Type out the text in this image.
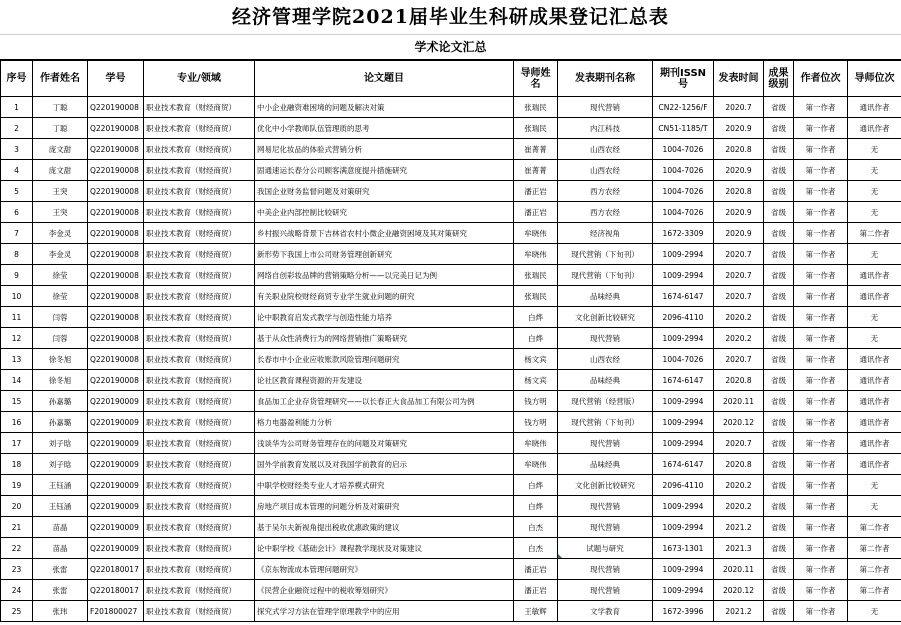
经济管理学院2021届毕业生科研成果登记汇总表
学术论文汇总
序号	作者姓名	学号	专业/领域	论文题目	导师姓名	发表期刊名称	期刊ISSN号	发表时间	成果级别	作者位次	导师位次
1	丁聪	Q220190008	职业技术教育（财经商贸）	中小企业融资难困境的问题及解决对策	张瑞民	现代营销	CN22-1256/F	2020.7	省级	第一作者	通讯作者
2	丁聪	Q220190008	职业技术教育（财经商贸）	优化中小学教师队伍管理质的思考	张瑞民	内江科技	CN51-1185/T	2020.9	省级	第一作者	通讯作者
3	庞文甜	Q220190008	职业技术教育（财经商贸）	网易尼化妆品的体验式营销分析	崔菁菁	山西农经	1004-7026	2020.8	省级	第一作者	无
4	庞文甜	Q220190008	职业技术教育（财经商贸）	固通速运长春分公司顾客满意度提升措施研究	崔菁菁	山西农经	1004-7026	2020.9	省级	第一作者	无
5	王突	Q220190008	职业技术教育（财经商贸）	我国企业财务监督问题及对策研究	潘正岩	西方农经	1004-7026	2020.8	省级	第一作者	无
6	王突	Q220190008	职业技术教育（财经商贸）	中美企业内部控制比较研究	潘正岩	西方农经	1004-7026	2020.9	省级	第一作者	无
7	李金灵	Q220190008	职业技术教育（财经商贸）	乡村振兴战略背景下吉林省农村小微企业融资困境及其对策研究	牟晓伟	经济视角	1672-3309	2020.9	省级	第一作者	第二作者
8	李金灵	Q220190008	职业技术教育（财经商贸）	新形势下我国上市公司财务管理创新研究	牟晓伟	现代营销（下旬刊）	1009-2994	2020.7	省级	第一作者	无
9	徐莹	Q220190008	职业技术教育（财经商贸）	网络自创彩妆品牌的营销策略分析——以完美日记为例	张瑞民	现代营销（下旬刊）	1009-2994	2020.7	省级	第一作者	通讯作者
10	徐莹	Q220190008	职业技术教育（财经商贸）	有关职业院校财经商贸专业学生就业问题的研究	张瑞民	品味经典	1674-6147	2020.7	省级	第一作者	通讯作者
11	闫蓉	Q220190008	职业技术教育（财经商贸）	论中职教育启发式教学与创造性能力培养	白烨	文化创新比较研究	2096-4110	2020.2	省级	第一作者	无
12	闫蓉	Q220190008	职业技术教育（财经商贸）	基于从众性消费行为的网络营销推广策略研究	白烨	现代营销	1009-2994	2020.2	省级	第一作者	无
13	徐冬旭	Q220190008	职业技术教育（财经商贸）	长春市中小企业应收账款风险管理问题研究	杨文宾	山西农经	1004-7026	2020.7	省级	第一作者	通讯作者
14	徐冬旭	Q220190008	职业技术教育（财经商贸）	论社区教育课程资源的开发建设	杨文宾	品味经典	1674-6147	2020.8	省级	第一作者	通讯作者
15	孙嘉璐	Q220190009	职业技术教育（财经商贸）	食品加工企业存货管理研究——以长春正大食品加工有限公司为例	钱方明	现代营销（经营版）	1009-2994	2020.11	省级	第一作者	通讯作者
16	孙嘉璐	Q220190009	职业技术教育（财经商贸）	格力电器盈利能力分析	钱方明	现代营销（下旬刊）	1009-2994	2020.12	省级	第一作者	通讯作者
17	刘子晗	Q220190009	职业技术教育（财经商贸）	浅谈华为公司财务管理存在的问题及对策研究	牟晓伟	现代营销	1009-2994	2020.7	省级	第一作者	通讯作者
18	刘子晗	Q220190009	职业技术教育（财经商贸）	国外学前教育发展以及对我国学前教育的启示	牟晓伟	品味经典	1674-6147	2020.8	省级	第一作者	通讯作者
19	王钰涵	Q220190009	职业技术教育（财经商贸）	中职学校财经类专业人才培养模式研究	白烨	文化创新比较研究	2096-4110	2020.2	省级	第一作者	无
20	王钰涵	Q220190009	职业技术教育（财经商贸）	房地产项目成本管理的问题分析及对策研究	白烨	现代营销	1009-2994	2020.2	省级	第一作者	无
21	苗晶	Q220190009	职业技术教育（财经商贸）	基于吴尔夫新视角提出税收优惠政策的建议	白杰	现代营销	1009-2994	2021.2	省级	第一作者	第二作者
22	苗晶	Q220190009	职业技术教育（财经商贸）	论中职学校《基础会计》课程教学现状及对策建议	白杰	试题与研究	1673-1301	2021.3	省级	第一作者	第二作者
23	张雷	Q220180017	职业技术教育（财经商贸）	《京东物流成本管理问题研究》	潘正岩	现代营销	1009-2994	2020.11	省级	第一作者	第二作者
24	张雷	Q220180017	职业技术教育（财经商贸）	《民营企业融资过程中的税收筹划研究》	潘正岩	现代营销	1009-2994	2020.12	省级	第一作者	第二作者
25	张玮	F201800027	职业技术教育（财经商贸）	探究式学习方法在管理学原理教学中的应用	王敏辉	文学教育	1672-3996	2021.2	省级	第一作者	无
